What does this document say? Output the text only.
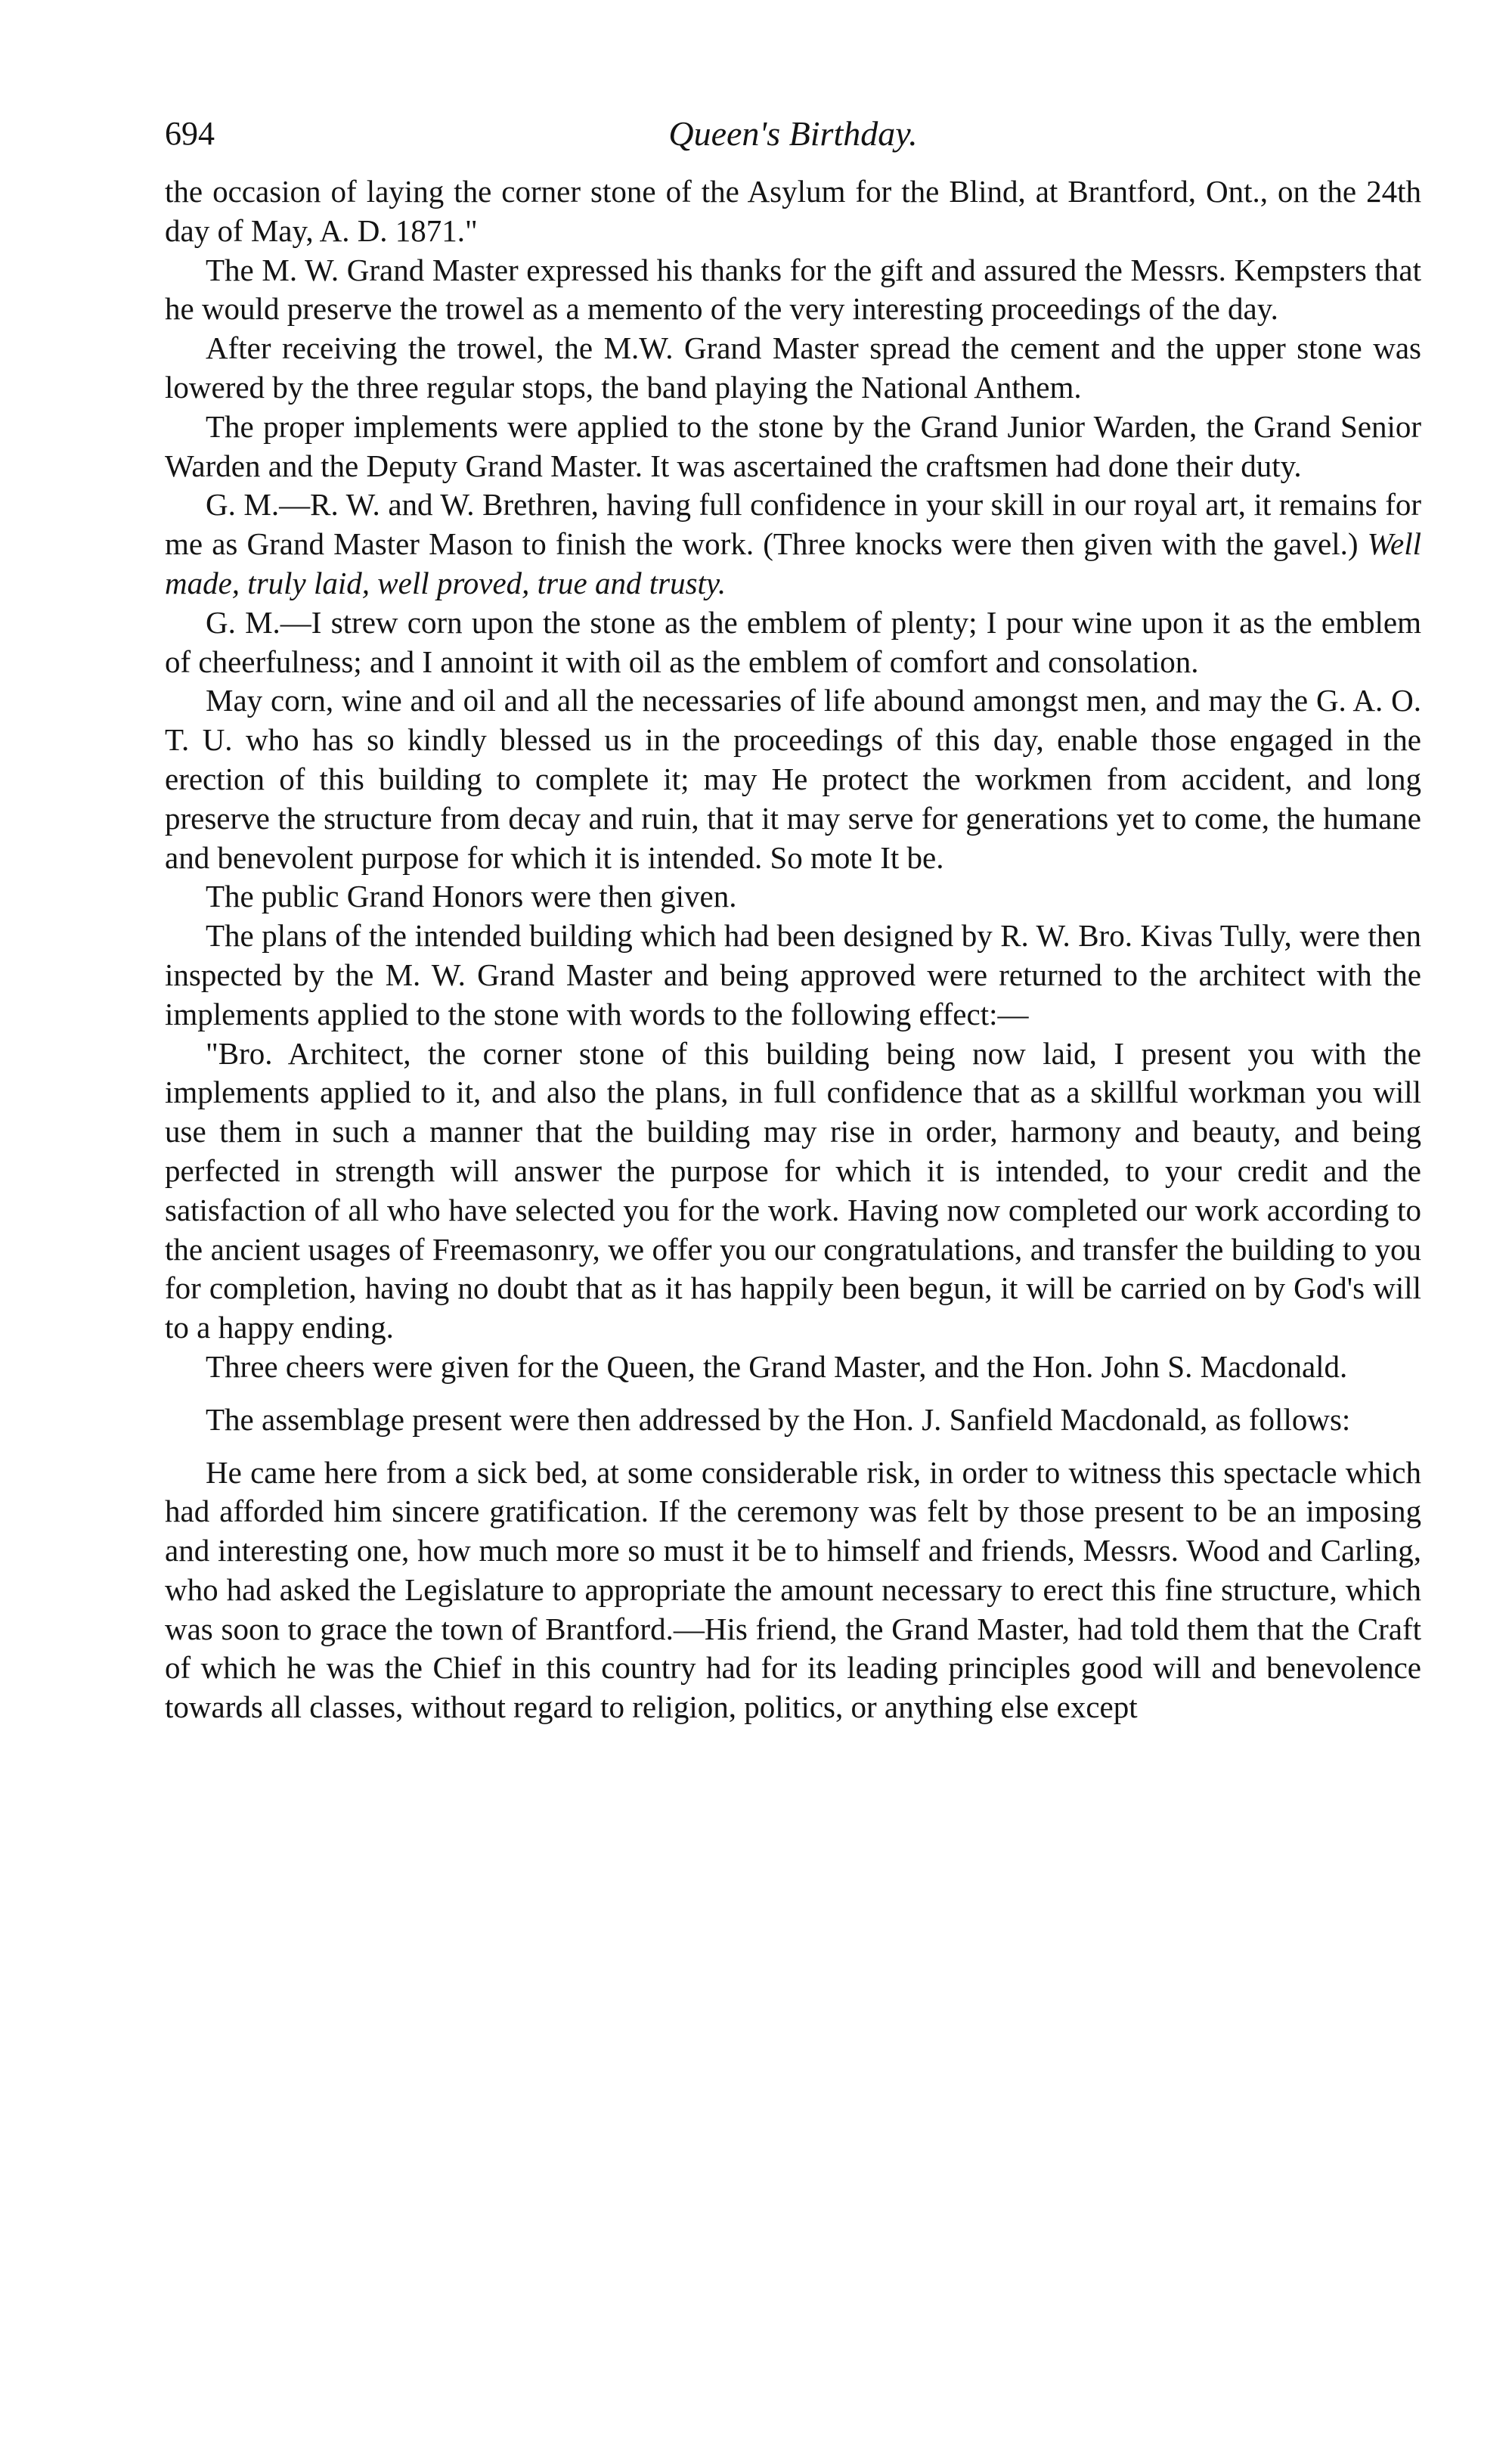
694	Queen's Birthday.

the occasion of laying the corner stone of the Asylum for the Blind, at Brantford, Ont., on the 24th day of May, A. D. 1871."

The M. W. Grand Master expressed his thanks for the gift and assured the Messrs. Kempsters that he would preserve the trowel as a memento of the very interesting proceedings of the day.

After receiving the trowel, the M.W. Grand Master spread the cement and the upper stone was lowered by the three regular stops, the band playing the National Anthem.

The proper implements were applied to the stone by the Grand Junior Warden, the Grand Senior Warden and the Deputy Grand Master. It was ascertained the craftsmen had done their duty.

G. M.—R. W. and W. Brethren, having full confidence in your skill in our royal art, it remains for me as Grand Master Mason to finish the work. (Three knocks were then given with the gavel.) Well made, truly laid, well proved, true and trusty.

G. M.—I strew corn upon the stone as the emblem of plenty; I pour wine upon it as the emblem of cheerfulness; and I annoint it with oil as the emblem of comfort and consolation.

May corn, wine and oil and all the necessaries of life abound amongst men, and may the G. A. O. T. U. who has so kindly blessed us in the proceedings of this day, enable those engaged in the erection of this building to complete it; may He protect the workmen from accident, and long preserve the structure from decay and ruin, that it may serve for generations yet to come, the humane and benevolent purpose for which it is intended. So mote It be.

The public Grand Honors were then given.

The plans of the intended building which had been designed by R. W. Bro. Kivas Tully, were then inspected by the M. W. Grand Master and being approved were returned to the architect with the implements applied to the stone with words to the following effect:—

"Bro. Architect, the corner stone of this building being now laid, I present you with the implements applied to it, and also the plans, in full confidence that as a skillful workman you will use them in such a manner that the building may rise in order, harmony and beauty, and being perfected in strength will answer the purpose for which it is intended, to your credit and the satisfaction of all who have selected you for the work. Having now completed our work according to the ancient usages of Freemasonry, we offer you our congratulations, and transfer the building to you for completion, having no doubt that as it has happily been begun, it will be carried on by God's will to a happy ending.

Three cheers were given for the Queen, the Grand Master, and the Hon. John S. Macdonald.

The assemblage present were then addressed by the Hon. J. Sanfield Macdonald, as follows:

He came here from a sick bed, at some considerable risk, in order to witness this spectacle which had afforded him sincere gratification. If the ceremony was felt by those present to be an imposing and interesting one, how much more so must it be to himself and friends, Messrs. Wood and Carling, who had asked the Legislature to appropriate the amount necessary to erect this fine structure, which was soon to grace the town of Brantford.—His friend, the Grand Master, had told them that the Craft of which he was the Chief in this country had for its leading principles good will and benevolence towards all classes, without regard to religion, politics, or anything else except
